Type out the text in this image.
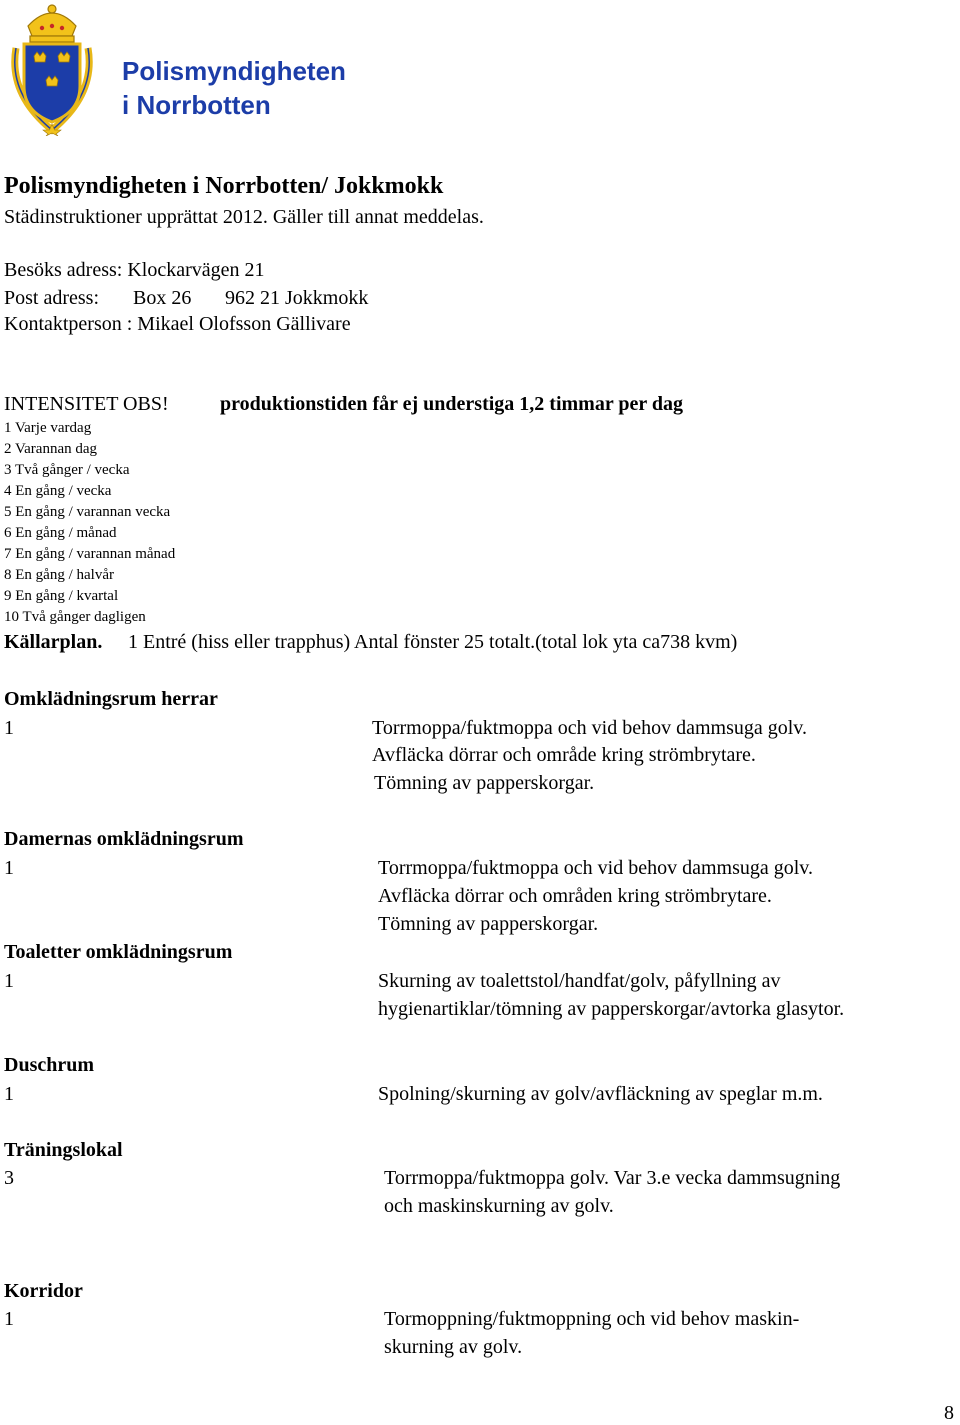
Polismyndigheten
i Norrbotten
Polismyndigheten i Norrbotten/ Jokkmokk
Städinstruktioner upprättat 2012. Gäller till annat meddelas.
Besöks adress: Klockarvägen 21
Post adress: Box 26 962 21 Jokkmokk
Kontaktperson : Mikael Olofsson Gällivare
INTENSITET OBS!	produktionstiden får ej understiga 1,2 timmar per dag
1 Varje vardag
2 Varannan dag
3 Två gånger / vecka
4 En gång / vecka
5 En gång / varannan vecka
6 En gång / månad
7 En gång / varannan månad
8 En gång / halvår
9 En gång / kvartal
10 Två gånger dagligen
Källarplan. 1 Entré (hiss eller trapphus) Antal fönster 25 totalt.(total lok yta ca738 kvm)
Omklädningsrum herrar
1	Torrmoppa/fuktmoppa och vid behov dammsuga golv.
Avfläcka dörrar och område kring strömbrytare.
Tömning av papperskorgar.
Damernas omklädningsrum
1	Torrmoppa/fuktmoppa och vid behov dammsuga golv.
Avfläcka dörrar och områden kring strömbrytare.
Tömning av papperskorgar.
Toaletter omklädningsrum
1	Skurning av toalettstol/handfat/golv, påfyllning av
hygienartiklar/tömning av papperskorgar/avtorka glasytor.
Duschrum
1	Spolning/skurning av golv/avfläckning av speglar m.m.
Träningslokal
3	Torrmoppa/fuktmoppa golv. Var 3.e vecka dammsugning
och maskinskurning av golv.
Korridor
1	Tormoppning/fuktmoppning och vid behov maskin-
skurning av golv.
8
